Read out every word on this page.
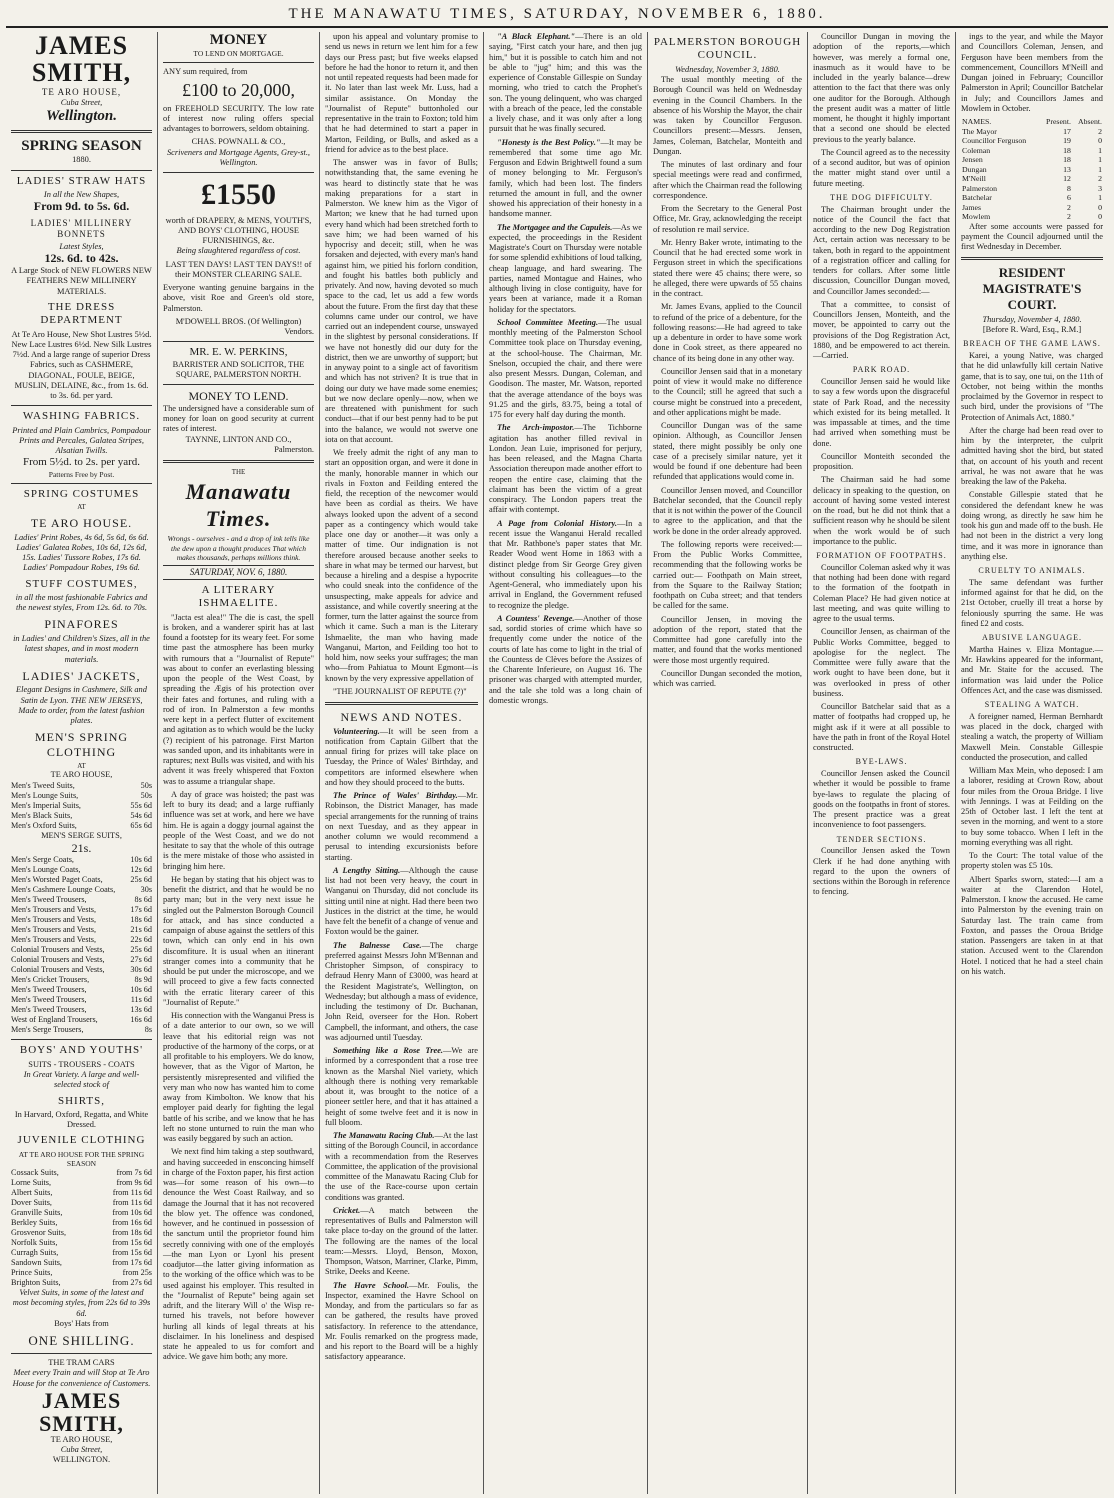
THE MANAWATU TIMES, SATURDAY, NOVEMBER 6, 1880.
JAMES SMITH,
TE ARO HOUSE,
Cuba Street,
Wellington.
SPRING SEASON
1880.
LADIES' STRAW HATS
In all the New Shapes,
From 9d. to 5s. 6d.
LADIES' MILLINERY BONNETS
Latest Styles,
12s. 6d. to 42s.
A Large Stock of NEW FLOWERS NEW FEATHERS NEW MILLINERY MATERIALS.
THE DRESS DEPARTMENT
At Te Aro House, New Shot Lustres 5½d. New Lace Lustres 6½d. New Silk Lustres 7½d. And a large range of superior Dress Fabrics, such as CASHMERE, DIAGONAL, FOULE, BEIGE, MUSLIN, DELAINE, &c., from 1s. 6d. to 3s. 6d. per yard.
WASHING FABRICS.
Printed and Plain Cambrics, Pompadour Prints and Percales, Galatea Stripes, Alsatian Twills.
From 5½d. to 2s. per yard.
Patterns Free by Post.
SPRING COSTUMES
AT
TE ARO HOUSE.
Ladies' Print Robes, 4s 6d, 5s 6d, 6s 6d. Ladies' Galatea Robes, 10s 6d, 12s 6d, 15s. Ladies' Tussore Robes, 17s 6d. Ladies' Pompadour Robes, 19s 6d.
STUFF COSTUMES,
in all the most fashionable Fabrics and the newest styles, From 12s. 6d. to 70s.
PINAFORES
in Ladies' and Children's Sizes, all in the latest shapes, and in most modern materials.
LADIES' JACKETS,
Elegant Designs in Cashmere, Silk and Satin de Lyon. THE NEW JERSEYS, Made to order, from the latest fashion plates.
MEN'S SPRING CLOTHING
AT
TE ARO HOUSE,
Men's Tweed Suits,	50s
Men's Lounge Suits,	50s
Men's Imperial Suits,	55s 6d
Men's Black Suits,	54s 6d
Men's Oxford Suits,	65s 6d
MEN'S SERGE SUITS,
21s.
Men's Serge Coats,	10s 6d
Men's Lounge Coats,	12s 6d
Men's Worsted Paget Coats,	25s 6d
Men's Cashmere Lounge Coats,	30s
Men's Tweed Trousers,	8s 6d
Men's Trousers and Vests,	17s 6d
Men's Trousers and Vests,	18s 6d
Men's Trousers and Vests,	21s 6d
Men's Trousers and Vests,	22s 6d
Colonial Trousers and Vests,	25s 6d
Colonial Trousers and Vests,	27s 6d
Colonial Trousers and Vests,	30s 6d
Men's Cricket Trousers,	8s 9d
Men's Tweed Trousers,	10s 6d
Men's Tweed Trousers,	11s 6d
Men's Tweed Trousers,	13s 6d
West of England Trousers,	16s 6d
Men's Serge Trousers,	8s
BOYS' AND YOUTHS'
SUITS - TROUSERS - COATS
In Great Variety. A large and well-selected stock of
SHIRTS,
In Harvard, Oxford, Regatta, and White Dressed.
JUVENILE CLOTHING
AT TE ARO HOUSE FOR THE SPRING SEASON
Cossack Suits,	from 7s 6d
Lorne Suits,	from 9s 6d
Albert Suits,	from 11s 6d
Dover Suits,	from 11s 6d
Granville Suits,	from 10s 6d
Berkley Suits,	from 16s 6d
Grosvenor Suits,	from 18s 6d
Norfolk Suits,	from 15s 6d
Curragh Suits,	from 15s 6d
Sandown Suits,	from 17s 6d
Prince Suits,	from 25s
Brighton Suits,	from 27s 6d
Velvet Suits, in some of the latest and most becoming styles, from 22s 6d to 39s 6d.
Boys' Hats from
ONE SHILLING.
THE TRAM CARS
Meet every Train and will Stop at Te Aro House for the convenience of Customers.
JAMES SMITH,
TE ARO HOUSE,
Cuba Street,
WELLINGTON.
MONEY
TO LEND ON MORTGAGE.
ANY sum required, from
£100 to 20,000,
on FREEHOLD SECURITY. The low rate of interest now ruling offers special advantages to borrowers, seldom obtaining.
CHAS. POWNALL & CO.,
Scriveners and Mortgage Agents, Grey-st., Wellington.
£1550
worth of DRAPERY, & MENS, YOUTH'S, AND BOYS' CLOTHING, HOUSE FURNISHINGS, &c.
Being slaughtered regardless of cost.
LAST TEN DAYS! LAST TEN DAYS!! of their MONSTER CLEARING SALE.
Everyone wanting genuine bargains in the above, visit Roe and Green's old store, Palmerston.
M'DOWELL BROS. (Of Wellington)
Vendors.
MR. E. W. PERKINS,
BARRISTER AND SOLICITOR, THE SQUARE, PALMERSTON NORTH.
MONEY TO LEND.
The undersigned have a considerable sum of money for loan on good security at current rates of interest.
TAYNNE, LINTON AND CO.,
Palmerston.
THE
Manawatu Times.
Wrongs - ourselves - and a drop of ink tells like the dew upon a thought produces That which makes thousands, perhaps millions think.
SATURDAY, NOV. 6, 1880.
A LITERARY ISHMAELITE.

"Jacta est alea!" The die is cast, the spell is broken, and a wanderer spirit has at last found a footstep for its weary feet. For some time past the atmosphere has been murky with rumours that a "Journalist of Repute" was about to confer an everlasting blessing upon the people of the West Coast, by spreading the Ægis of his protection over their fates and fortunes, and ruling with a rod of iron. In Palmerston a few months were kept in a perfect flutter of excitement and agitation as to which would be the lucky (?) recipient of his patronage. First Marton was sanded upon, and its inhabitants were in raptures; next Bulls was visited, and with his advent it was freely whispered that Foxton was to assume a triangular shape.

A day of grace was hoisted; the past was left to bury its dead; and a large ruffianly influence was set at work, and here we have him. He is again a doggy journal against the people of the West Coast, and we do not hesitate to say that the whole of this outrage is the mere mistake of those who assisted in bringing him here.

He began by stating that his object was to benefit the district, and that he would be no party man; but in the very next issue he singled out the Palmerston Borough Council for attack, and has since conducted a campaign of abuse against the settlers of this town, which can only end in his own discomfiture. It is usual when an itinerant stranger comes into a community that he should be put under the microscope, and we will proceed to give a few facts connected with the erratic literary career of this "Journalist of Repute."

His connection with the Wanganui Press is of a date anterior to our own, so we will leave that his editorial reign was not productive of the harmony of the corps, or at all profitable to his employers. We do know, however, that as the Vigor of Marton, he persistently misrepresented and vilified the very man who now has wanted him to come away from Kimbolton. We know that his employer paid dearly for fighting the legal battle of his scribe, and we know that he has left no stone unturned to ruin the man who was easily beggared by such an action.

We next find him taking a step southward, and having succeeded in ensconcing himself in charge of the Foxton paper, his first action was—for some reason of his own—to denounce the West Coast Railway, and so damage the Journal that it has not recovered the blow yet. The offence was condoned, however, and he continued in possession of the sanctum until the proprietor found him secretly conniving with one of the employés—the man Lyon or Lyonl his present coadjutor—the latter giving information as to the working of the office which was to be used against his employer. This resulted in the "Journalist of Repute" being again set adrift, and the literary Will o' the Wisp re-turned his travels, not before however hurling all kinds of legal threats at his disclaimer. In his loneliness and despised state he appealed to us for comfort and advice. We gave him both; any more.

upon his appeal and voluntary promise to send us news in return we lent him for a few days our Press past; but five weeks elapsed before he had the honor to return it, and then not until repeated requests had been made for it. No later than last week Mr. Luss, had a similar assistance. On Monday the "Journalist of Repute" buttonholed our representative in the train to Foxton; told him that he had determined to start a paper in Marton, Feilding, or Bulls, and asked as a friend for advice as to the best place.

The answer was in favor of Bulls; notwithstanding that, the same evening he was heard to distinctly state that he was making preparations for a start in Palmerston. We knew him as the Vigor of Marton; we knew that he had turned upon every hand which had been stretched forth to save him; we had been warned of his hypocrisy and deceit; still, when he was forsaken and dejected, with every man's hand against him, we pitied his forlorn condition, and fought his battles both publicly and privately. And now, having devoted so much space to the cad, let us add a few words about the future. From the first day that these columns came under our control, we have carried out an independent course, unswayed in the slightest by personal considerations. If we have not honestly did our duty for the district, then we are unworthy of support; but in anyway point to a single act of favoritism and which has not striven? It is true that in doing our duty we have made some enemies; but we now declare openly—now, when we are threatened with punishment for such conduct—that if our best penny had to be put into the balance, we would not swerve one iota on that account.

We freely admit the right of any man to start an opposition organ, and were it done in the manly, honorable manner in which our rivals in Foxton and Feilding entered the field, the reception of the newcomer would have been as cordial as theirs. We have always looked upon the advent of a second paper as a contingency which would take place one day or another—it was only a matter of time. Our indignation is not therefore aroused because another seeks to share in what may be termed our harvest, but because a hireling and a despise a hypocrite who could sneak into the confidence of the unsuspecting, make appeals for advice and assistance, and while covertly sneering at the former, turn the latter against the source from which it came. Such a man is the Literary Ishmaelite, the man who having made Wanganui, Marton, and Feilding too hot to hold him, now seeks your suffrages; the man who—from Pahiatua to Mount Egmont—is known by the very expressive appellation of

"THE JOURNALIST OF REPUTE (?)"

NEWS AND NOTES.

Volunteering.—It will be seen from a notification from Captain Gilbert that the annual firing for prizes will take place on Tuesday, the Prince of Wales' Birthday, and competitors are informed elsewhere when and how they should proceed to the butts.

The Prince of Wales' Birthday.—Mr. Robinson, the District Manager, has made special arrangements for the running of trains on next Tuesday, and as they appear in another column we would recommend a perusal to intending excursionists before starting.

A Lengthy Sitting.—Although the cause list had not been very heavy, the court in Wanganui on Thursday, did not conclude its sitting until nine at night. Had there been two Justices in the district at the time, he would have felt the benefit of a change of venue and Foxton would be the gainer.

The Balnesse Case.—The charge preferred against Messrs John M'Bennan and Christopher Simpson, of conspiracy to defraud Henry Mann of £3000, was heard at the Resident Magistrate's, Wellington, on Wednesday; but although a mass of evidence, including the testimony of Dr. Buchanan, John Reid, overseer for the Hon. Robert Campbell, the informant, and others, the case was adjourned until Tuesday.

Something like a Rose Tree.—We are informed by a correspondent that a rose tree known as the Marshal Niel variety, which although there is nothing very remarkable about it, was brought to the notice of a pioneer settler here, and that it has attained a height of some twelve feet and it is now in full bloom.

The Manawatu Racing Club.—At the last sitting of the Borough Council, in accordance with a recommendation from the Reserves Committee, the application of the provisional committee of the Manawatu Racing Club for the use of the Race-course upon certain conditions was granted.

Cricket.—A match between the representatives of Bulls and Palmerston will take place to-day on the ground of the latter. The following are the names of the local team:—Messrs. Lloyd, Benson, Moxon, Thompson, Watson, Marriner, Clarke, Pimm, Strike, Deeks and Keene.

The Havre School.—Mr. Foulis, the Inspector, examined the Havre School on Monday, and from the particulars so far as can be gathered, the results have proved satisfactory. In reference to the attendance, Mr. Foulis remarked on the progress made, and his report to the Board will be a highly satisfactory appearance.

"A Black Elephant."—There is an old saying, "First catch your hare, and then jug him," but it is possible to catch him and not be able to "jug" him; and this was the experience of Constable Gillespie on Sunday morning, who tried to catch the Prophet's son. The young delinquent, who was charged with a breach of the peace, led the constable a lively chase, and it was only after a long pursuit that he was finally secured.

"Honesty is the Best Policy."—It may be remembered that some time ago Mr. Ferguson and Edwin Brightwell found a sum of money belonging to Mr. Ferguson's family, which had been lost. The finders returned the amount in full, and the owner showed his appreciation of their honesty in a handsome manner.

The Mortgagee and the Capuleis.—As we expected, the proceedings in the Resident Magistrate's Court on Thursday were notable for some splendid exhibitions of loud talking, cheap language, and hard swearing. The parties, named Montague and Haines, who although living in close contiguity, have for years been at variance, made it a Roman holiday for the spectators.

School Committee Meeting.—The usual monthly meeting of the Palmerston School Committee took place on Thursday evening, at the school-house. The Chairman, Mr. Snelson, occupied the chair, and there were also present Messrs. Dungan, Coleman, and Goodison. The master, Mr. Watson, reported that the average attendance of the boys was 91.25 and the girls, 83.75, being a total of 175 for every half day during the month.

The Arch-impostor.—The Tichborne agitation has another filled revival in London. Jean Luie, imprisoned for perjury, has been released, and the Magna Charta Association thereupon made another effort to reopen the entire case, claiming that the claimant has been the victim of a great conspiracy. The London papers treat the affair with contempt.

A Page from Colonial History.—In a recent issue the Wanganui Herald recalled that Mr. Rathbone's paper states that Mr. Reader Wood went Home in 1863 with a distinct pledge from Sir George Grey given without consulting his colleagues—to the Agent-General, who immediately upon his arrival in England, the Government refused to recognize the pledge.

A Countess' Revenge.—Another of those sad, sordid stories of crime which have so frequently come under the notice of the courts of late has come to light in the trial of the Countess de Clèves before the Assizes of the Charente Inferieure, on August 16. The prisoner was charged with attempted murder, and the tale she told was a long chain of domestic wrongs.

PALMERSTON BOROUGH COUNCIL.
Wednesday, November 3, 1880.

The usual monthly meeting of the Borough Council was held on Wednesday evening in the Council Chambers. In the absence of his Worship the Mayor, the chair was taken by Councillor Ferguson. Councillors present:—Messrs. Jensen, James, Coleman, Batchelar, Monteith and Dungan.

The minutes of last ordinary and four special meetings were read and confirmed, after which the Chairman read the following correspondence.

From the Secretary to the General Post Office, Mr. Gray, acknowledging the receipt of resolution re mail service.

Mr. Henry Baker wrote, intimating to the Council that he had erected some work in Ferguson street in which the specifications stated there were 45 chains; there were, so he alleged, there were upwards of 55 chains in the contract.

Mr. James Evans, applied to the Council to refund of the price of a debenture, for the following reasons:—He had agreed to take up a debenture in order to have some work done in Cook street, as there appeared no chance of its being done in any other way.

Councillor Jensen said that in a monetary point of view it would make no difference to the Council; still he agreed that such a course might be construed into a precedent, and other applications might be made.

Councillor Dungan was of the same opinion. Although, as Councillor Jensen stated, there might possibly be only one case of a precisely similar nature, yet it would be found if one debenture had been refunded that applications would come in.

Councillor Jensen moved, and Councillor Batchelar seconded, that the Council reply that it is not within the power of the Council to agree to the application, and that the work be done in the order already approved.

The following reports were received:—From the Public Works Committee, recommending that the following works be carried out:— Foothpath on Main street, from the Square to the Railway Station; foothpath on Cuba street; and that tenders be called for the same.

Councillor Jensen, in moving the adoption of the report, stated that the Committee had gone carefully into the matter, and found that the works mentioned were those most urgently required.

Councillor Dungan seconded the motion, which was carried.

Councillor Dungan in moving the adoption of the reports,—which however, was merely a formal one, inasmuch as it would have to be included in the yearly balance—drew attention to the fact that there was only one auditor for the Borough. Although the present audit was a matter of little moment, he thought it highly important that a second one should be elected previous to the yearly balance.

The Council agreed as to the necessity of a second auditor, but was of opinion the matter might stand over until a future meeting.

THE DOG DIFFICULTY.

The Chairman brought under the notice of the Council the fact that according to the new Dog Registration Act, certain action was necessary to be taken, both in regard to the appointment of a registration officer and calling for tenders for collars. After some little discussion, Councillor Dungan moved, and Councillor James seconded:—

That a committee, to consist of Councillors Jensen, Monteith, and the mover, be appointed to carry out the provisions of the Dog Registration Act, 1880, and be empowered to act therein.—Carried.

PARK ROAD.

Councillor Jensen said he would like to say a few words upon the disgraceful state of Park Road, and the necessity which existed for its being metalled. It was impassable at times, and the time had arrived when something must be done.

Councillor Monteith seconded the proposition.

The Chairman said he had some delicacy in speaking to the question, on account of having some vested interest on the road, but he did not think that a sufficient reason why he should be silent when the work would be of such importance to the public.

FORMATION OF FOOTPATHS.

Councillor Coleman asked why it was that nothing had been done with regard to the formation of the footpath in Coleman Place? He had given notice at last meeting, and was quite willing to agree to the usual terms.

Councillor Jensen, as chairman of the Public Works Committee, begged to apologise for the neglect. The Committee were fully aware that the work ought to have been done, but it was overlooked in press of other business.

Councillor Batchelar said that as a matter of footpaths had cropped up, he might ask if it were at all possible to have the path in front of the Royal Hotel constructed.

BYE-LAWS.

Councillor Jensen asked the Council whether it would be possible to frame bye-laws to regulate the placing of goods on the footpaths in front of stores. The present practice was a great inconvenience to foot passengers.

TENDER SECTIONS.

Councillor Jensen asked the Town Clerk if he had done anything with regard to the upon the owners of sections within the Borough in reference to fencing.

ings to the year, and while the Mayor and Councillors Coleman, Jensen, and Ferguson have been members from the commencement, Councillors M'Neill and Dungan joined in February; Councillor Palmerston in April; Councillor Batchelar in July; and Councillors James and Mowlem in October.

NAMES.	Present.	Absent.
The Mayor	17	2
Councillor Ferguson	19	0
Coleman	18	1
Jensen	18	1
Dungan	13	1
M'Neill	12	2
Palmerston	8	3
Batchelar	6	1
James	2	0
Mowlem	2	0

After some accounts were passed for payment the Council adjourned until the first Wednesday in December.

RESIDENT MAGISTRATE'S COURT.
Thursday, November 4, 1880.
[Before R. Ward, Esq., R.M.]
BREACH OF THE GAME LAWS.

Karei, a young Native, was charged that he did unlawfully kill certain Native game, that is to say, one tui, on the 11th of October, not being within the months proclaimed by the Governor in respect to such bird, under the provisions of "The Protection of Animals Act, 1880."

After the charge had been read over to him by the interpreter, the culprit admitted having shot the bird, but stated that, on account of his youth and recent arrival, he was not aware that he was breaking the law of the Pakeha.

Constable Gillespie stated that he considered the defendant knew he was doing wrong, as directly he saw him he took his gun and made off to the bush. He had not been in the district a very long time, and it was more in ignorance than anything else.

CRUELTY TO ANIMALS.

The same defendant was further informed against for that he did, on the 21st October, cruelly ill treat a horse by feloniously spurring the same. He was fined £2 and costs.

ABUSIVE LANGUAGE.

Martha Haines v. Eliza Montague.—Mr. Hawkins appeared for the informant, and Mr. Staite for the accused. The information was laid under the Police Offences Act, and the case was dismissed.

STEALING A WATCH.

A foreigner named, Herman Bernhardt was placed in the dock, charged with stealing a watch, the property of William Maxwell Mein. Constable Gillespie conducted the prosecution, and called

William Max Mein, who deposed: I am a laborer, residing at Crown Row, about four miles from the Oroua Bridge. I live with Jennings. I was at Feilding on the 25th of October last. I left the tent at seven in the morning, and went to a store to buy some tobacco. When I left in the morning everything was all right.

To the Court: The total value of the property stolen was £5 10s.

Albert Sparks sworn, stated:—I am a waiter at the Clarendon Hotel, Palmerston. I know the accused. He came into Palmerston by the evening train on Saturday last. The train came from Foxton, and passes the Oroua Bridge station. Passengers are taken in at that station. Accused went to the Clarendon Hotel. I noticed that he had a steel chain on his watch.
